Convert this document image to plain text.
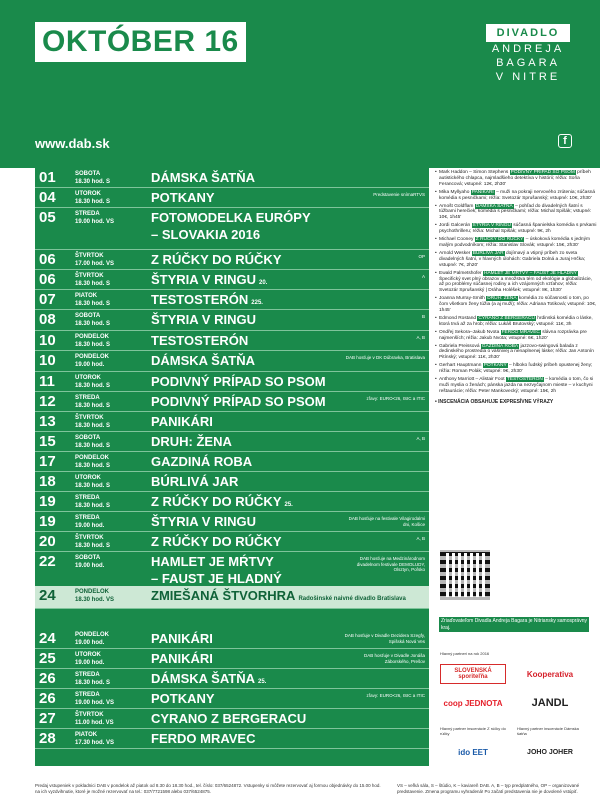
OKTÓBER 16	DIVADLO
ANDREJA
BAGARA
V NITRE
www.dab.sk	f
01	SOBOTA
18.30 hod. S	DÁMSKA ŠATŇA
04	UTOROK
18.30 hod. S	POTKANY	Predstavenie snímaRTVS
05	STREDA
19.00 hod. VS	FOTOMODELKA EURÓPY
– SLOVAKIA 2016
06	ŠTVRTOK
17.00 hod. VS	Z RÚČKY DO RÚČKY	OP
06	ŠTVRTOK
18.30 hod. S	ŠTYRIA V RINGU 20.
A
07	PIATOK
18.30 hod. S	TESTOSTERÓN 225.
08	SOBOTA
18.30 hod. S	ŠTYRIA V RINGU	B
10	PONDELOK
18.30 hod. S	TESTOSTERÓN	A, B
10	PONDELOK
19.00 hod.	DÁMSKA ŠATŇA	DAB hosťuje v DK Dúbravka, Bratislava
11	UTOROK
18.30 hod. S	PODIVNÝ PRÍPAD SO PSOM
12	STREDA
18.30 hod. S	PODIVNÝ PRÍPAD SO PSOM	zľavy: EURO<26, ISIC a ITIC
13	ŠTVRTOK
18.30 hod. S	PANIKÁRI
15	SOBOTA
18.30 hod. S	DRUH: ŽENA	A, B
17	PONDELOK
18.30 hod. S	GAZDINÁ ROBA
18	UTOROK
18.30 hod. S	BÚRLIVÁ JAR
19	STREDA
18.30 hod. S	Z RÚČKY DO RÚČKY 25.
19	STREDA
19.00 hod.	ŠTYRIA V RINGU	DAB hosťuje na festivale Vilagirodalmi dni, Košice
20	ŠTVRTOK
18.30 hod. S	Z RÚČKY DO RÚČKY	A, B
22	SOBOTA
19.00 hod.	HAMLET JE MŔTVY
– FAUST JE HLADNÝ
DAB hosťuje na Medzinárodnom divadelnom festivale DEMOLUDY, Olsztyn, Poľsko
24	PONDELOK
18.30 hod. VS	ZMIEŠANÁ ŠTVORHRA Radošinské naivné divadlo Bratislava
24	PONDELOK
19.00 hod.	PANIKÁRI	DAB hosťuje v Divadle Dezidera Szegfy, Spišská Nová Ves
25	UTOROK
19.00 hod.	PANIKÁRI	DAB hosťuje v Divadle Jonáša Záborského, Prešov
26	STREDA
18.30 hod. S	DÁMSKA ŠATŇA 25.
26	STREDA
19.00 hod. VS	POTKANY	zľavy: EURO<26, ISIC a ITIC
27	ŠTVRTOK
11.00 hod. VS	CYRANO Z BERGERACU
28	PIATOK
17.30 hod. VS	FERDO MRAVEC
• Mark Haddon – Simon Stephens PODIVNÝ PRÍPAD SO PSOM príbeh autistického chlapca, najmladšieho detektíva v histórii; réžia: Soňa Ferancová; vstupné: 12€, 2h30'
• Mika Myllyaho PANIKÁRI – muži na pokraji nervového zrútenia; súčasná komédia s pesničkami; réžia: Svetozár Sprušanský; vstupné: 10€, 2h30'
• Arnošt Goldflam DÁMSKA ŠATŇA – pohľad do divadelných šatní s túžbami herečiek; komédia s pesničkami; réžia: Michal Spišák; vstupné: 10€, 1h45'
• Jordi Galcerán ŠTYRIA V RINGU súčasná španielska komédia s prvkami psychothrilleru; réžia: Michal Spišák; vstupné: 9€, 2h
• Michael Cooney Z RÚČKY DO RÚČKY – úskoková komédia s jedným malým podvodníkom; réžia: Stanislav Slovák; vstupné: 15€, 2h30'
• Arnold Wesker BÚRLIVÁ JAR dojímavý a vtipný príbeh zo sveta divadelných šatní, v hlavných úlohách: Gabriela Dolná a Juraj Hrčka; vstupné: 7€, 2h20'
• Ewald Palmetshofer HAMLET JE MŔTVY – FAUST JE HLADNÝ Špecifický svet plný obrazov a množstva tém od ekológie a globalizácie, až po problémy súčasnej rodiny a ich vzájomných vzťahov; réžia: Svetozár Sprušanský | Dráha Holéšek; vstupné: 8€, 1h30'
• Joanna Murray-Smith DRUH: ŽENA komédia zo súčasnosti o tom, po čom všetkom ženy túžia (a aj muži); réžia: Adriana Totiková; vstupné: 10€, 1h45'
• Edmond Rostand CYRANO Z BERGERACU hrdinská komédia o láske, ktorá trvá až za hrob; réžia: Lukáš Brutovský; vstupné: 11€, 3h
• Ondřej Sekora–Jakub Nvota FERDO MRAVEC slávna rozprávka pre najmenších; réžia: Jakub Nvota; vstupné: 6€, 1h20'
• Gabriela Preissová GAZDINÁ ROBA jazzovo-swingová balada z dedinského prostredia o vášnivej a nenaplnenej láske; réžia: Jan Antonín Pitínský; vstupné: 11€, 2h30'
• Gerhart Hauptmann POTKANY – hlboko ľudský príbeh opustenej ženy; réžia: Roman Polák; vstupné: 9€, 2h30'
• Anthony Marriott – Alistair Foot TESTOSTERÓN – komédia o tom, čo si muži myslia o ženách; pánska jazda na nezvyčajnom mieste – v kuchyni reštaurácie; réžia: Peter Mankovecký; vstupné: 15€, 2h
• INSCENÁCIA OBSAHUJE EXPRESÍVNE VÝRAZY
Zriaďovateľom Divadla Andreja Bagara je Nitriansky samosprávny kraj.
Hlavný partneri na rok 2016
SLOVENSKÁ sporiteľňa	Kooperativa
coop JEDNOTA	JANDL
Hlavný partner inscenácie Z rúčky do rúčky
Hlavný partner inscenácie Dámska šatňa
ido EET	JOHO JOHER
Predaj vstupeniek v pokladnici DAB v pondelok až piatok od 8.30 do 18.30 hod., tel. číslo: 037/6524872. Vstupenky si môžete rezervovať aj formou objednávky do 15.00 hod. na ich vyzdvihnutie, ktoré je možné rezervovať na tel.: 037/7721598 alebo 037/6524875.
VS – veľká sála, S – štúdio, K – kaviareň DAB. A, B – typ predplatného, OP – organizované predstavenie. Zmena programu vyhradená! Po začatí predstavenia nie je dovolené vstúpiť.
